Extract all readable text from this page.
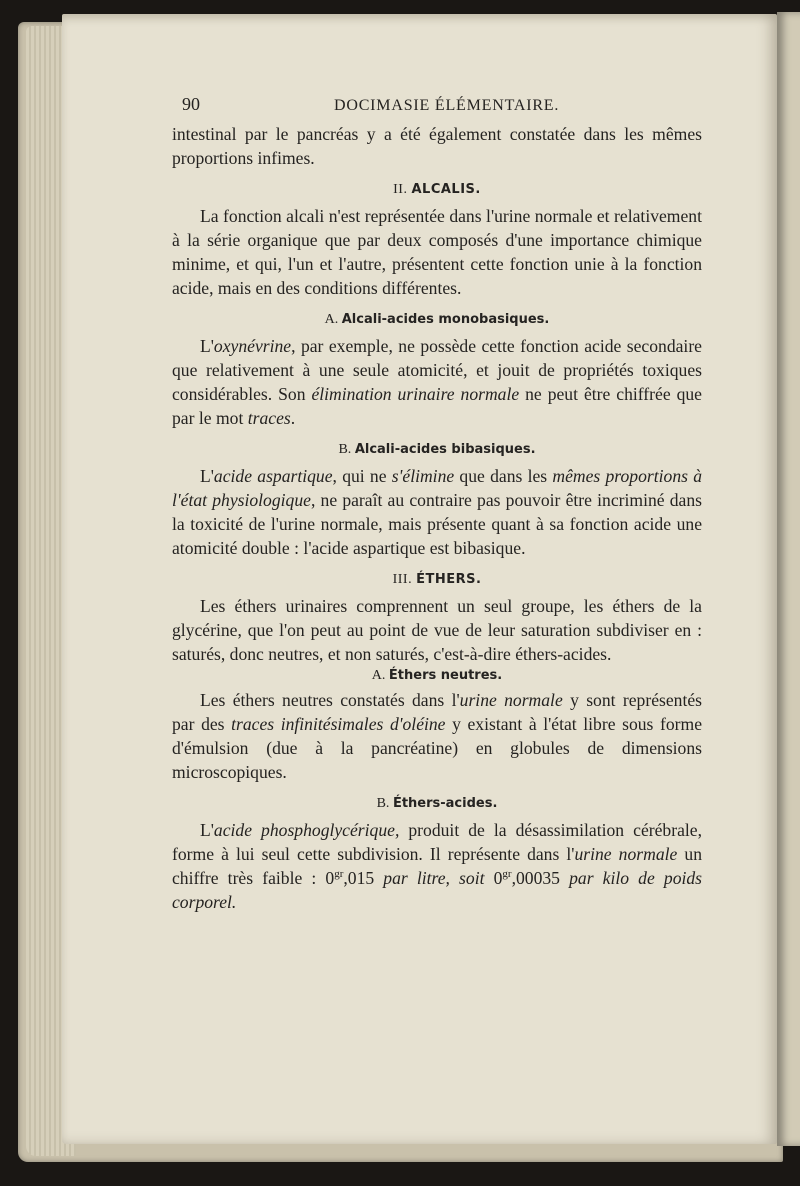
90	DOCIMASIE ÉLÉMENTAIRE.

intestinal par le pancréas y a été également constatée dans les mêmes proportions infimes.

II. ALCALIS.

La fonction alcali n'est représentée dans l'urine normale et relativement à la série organique que par deux composés d'une importance chimique minime, et qui, l'un et l'autre, présentent cette fonction unie à la fonction acide, mais en des conditions différentes.

A. Alcali-acides monobasiques.

L'oxynévrine, par exemple, ne possède cette fonction acide secondaire que relativement à une seule atomicité, et jouit de propriétés toxiques considérables. Son élimination urinaire normale ne peut être chiffrée que par le mot traces.

B. Alcali-acides bibasiques.

L'acide aspartique, qui ne s'élimine que dans les mêmes proportions à l'état physiologique, ne paraît au contraire pas pouvoir être incriminé dans la toxicité de l'urine normale, mais présente quant à sa fonction acide une atomicité double : l'acide aspartique est bibasique.

III. ÉTHERS.

Les éthers urinaires comprennent un seul groupe, les éthers de la glycérine, que l'on peut au point de vue de leur saturation subdiviser en : saturés, donc neutres, et non saturés, c'est-à-dire éthers-acides.

A. Éthers neutres.

Les éthers neutres constatés dans l'urine normale y sont représentés par des traces infinitésimales d'oléine y existant à l'état libre sous forme d'émulsion (due à la pancréatine) en globules de dimensions microscopiques.

B. Éthers-acides.

L'acide phosphoglycérique, produit de la désassimilation cérébrale, forme à lui seul cette subdivision. Il représente dans l'urine normale un chiffre très faible : $0^{gr},015$ par litre, soit $0^{gr},00035$ par kilo de poids corporel.
